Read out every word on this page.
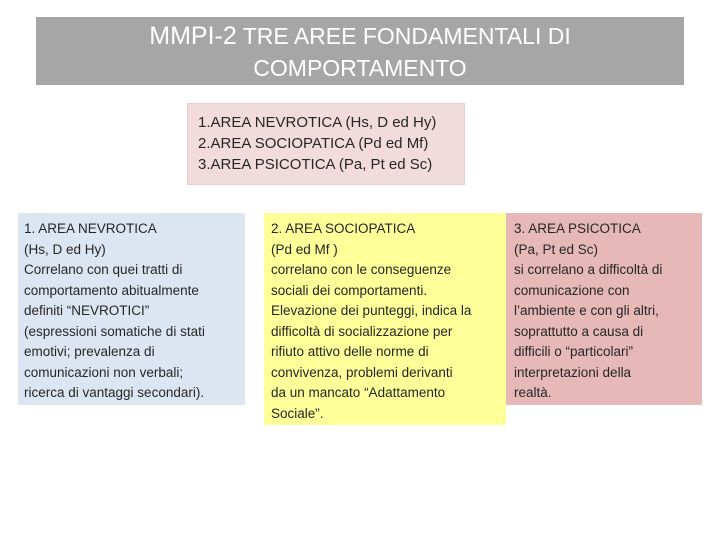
MMPI-2 TRE AREE FONDAMENTALI DI
COMPORTAMENTO
1.AREA NEVROTICA (Hs, D ed Hy)
2.AREA SOCIOPATICA (Pd ed Mf)
3.AREA PSICOTICA (Pa, Pt ed Sc)
1. AREA NEVROTICA
(Hs, D ed Hy)
Correlano con quei tratti di
comportamento abitualmente
definiti “NEVROTICI”
(espressioni somatiche di stati
emotivi; prevalenza di
comunicazioni non verbali;
ricerca di vantaggi secondari).
2. AREA SOCIOPATICA
(Pd ed Mf )
correlano con le conseguenze
sociali dei comportamenti.
Elevazione dei punteggi, indica la
difficoltà di socializzazione per
rifiuto attivo delle norme di
convivenza, problemi derivanti
da un mancato “Adattamento
Sociale”.
3. AREA PSICOTICA
(Pa, Pt ed Sc)
si correlano a difficoltà di
comunicazione con
l’ambiente e con gli altri,
soprattutto a causa di
difficili o “particolari”
interpretazioni della
realtà.
